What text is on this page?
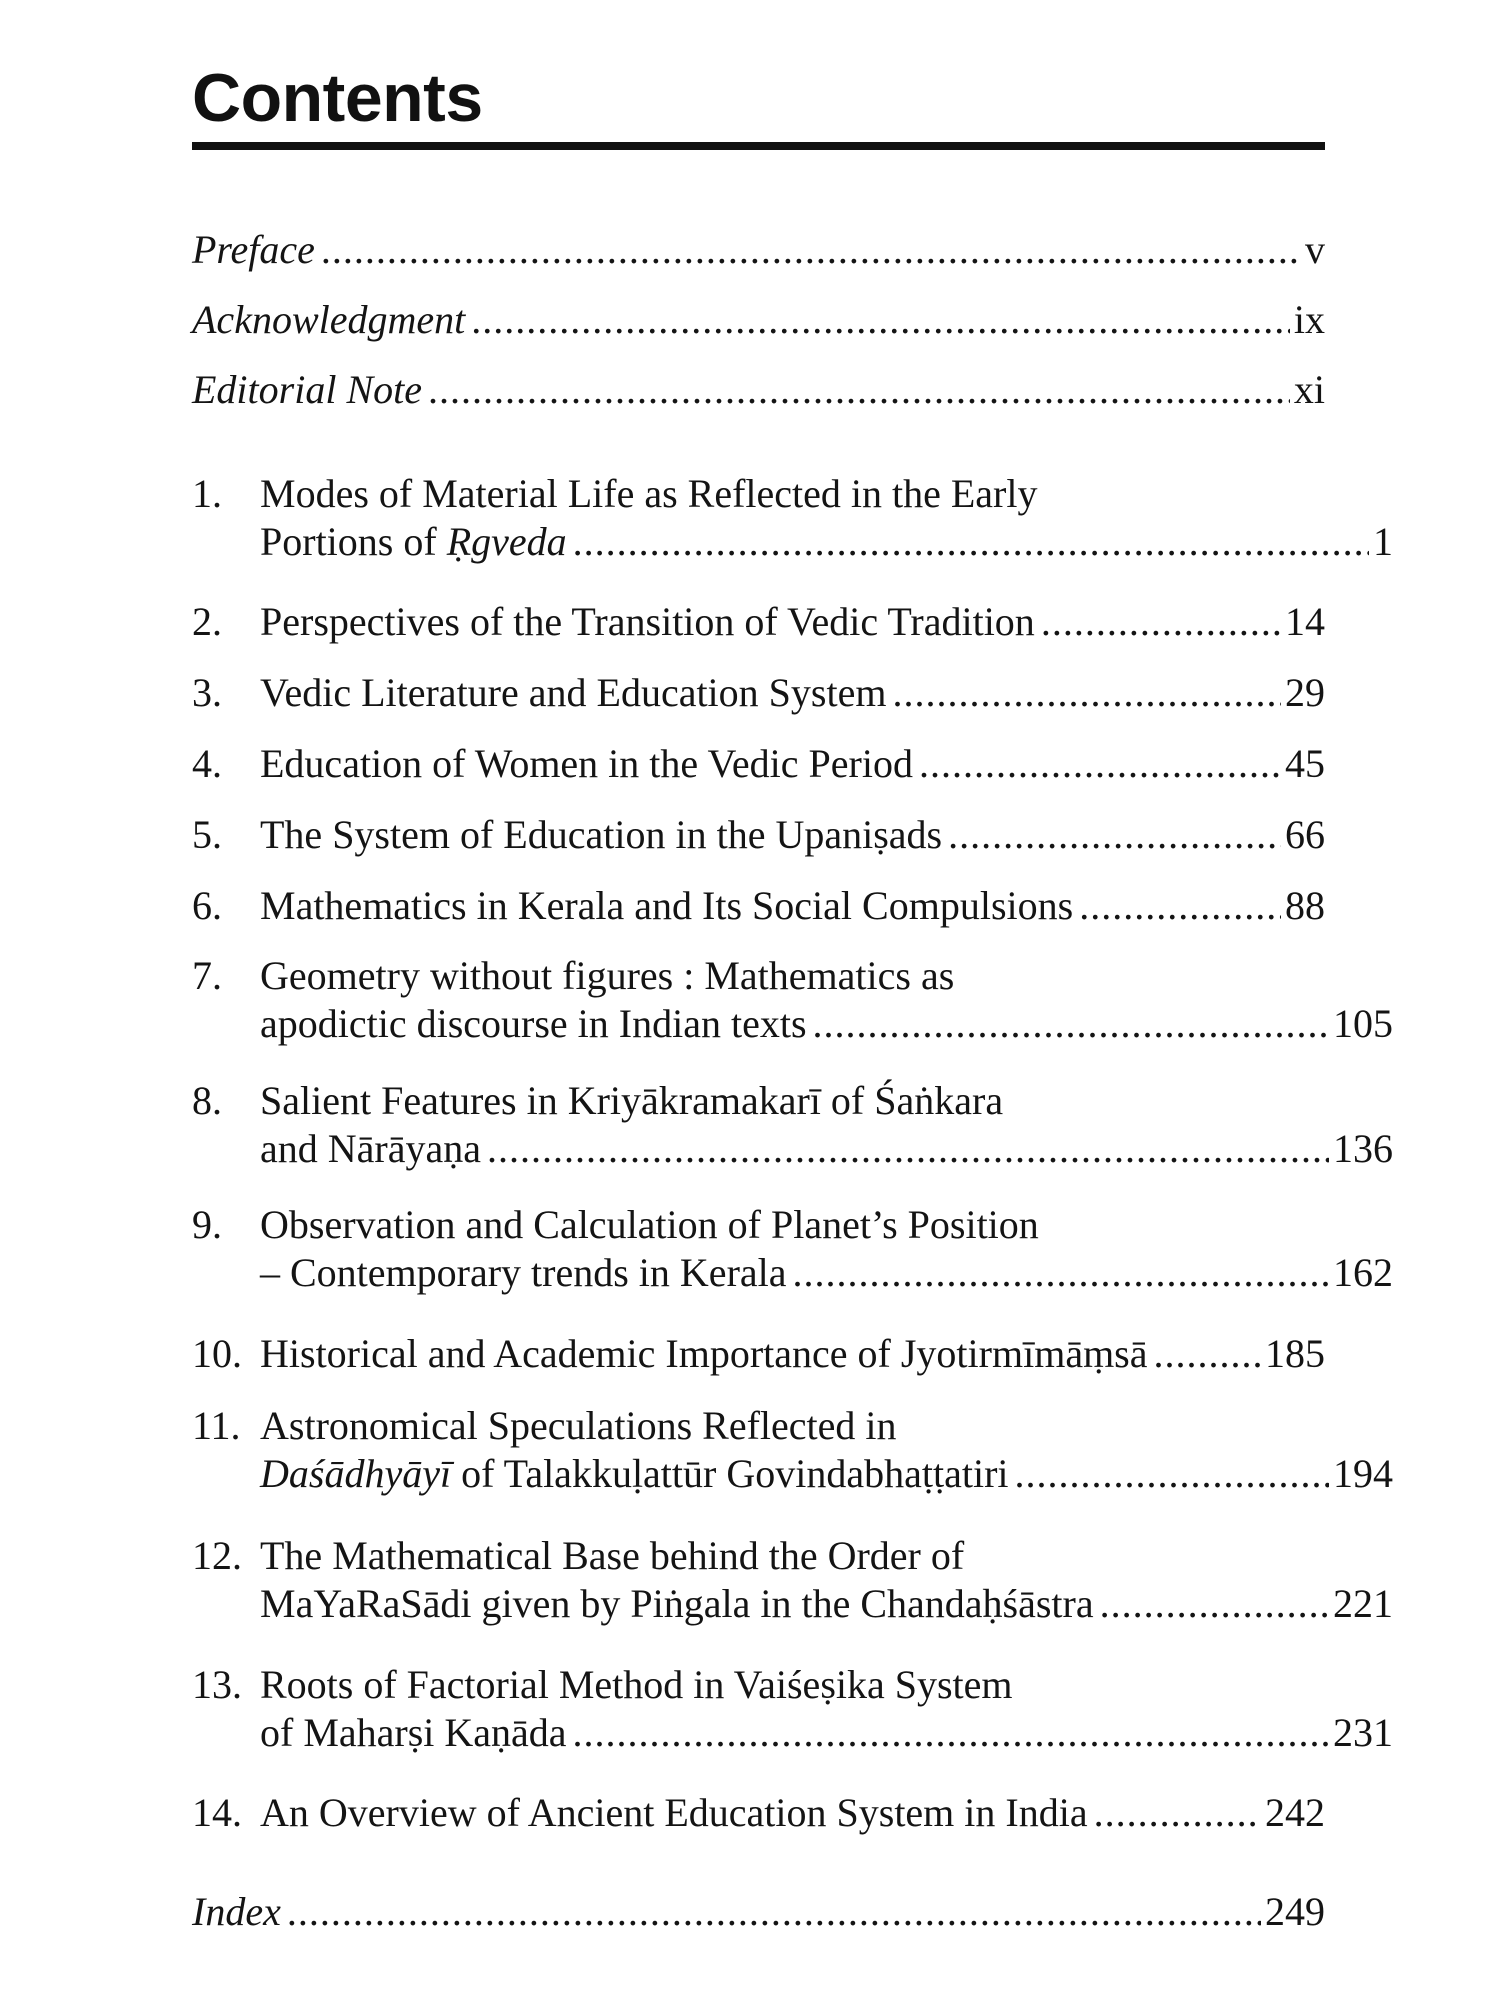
Contents
Preface .....	v
Acknowledgment .....	ix
Editorial Note .....	xi
1. Modes of Material Life as Reflected in the Early
Portions of Ṛgveda .....	1
2. Perspectives of the Transition of Vedic Tradition .....	14
3. Vedic Literature and Education System .....	29
4. Education of Women in the Vedic Period .....	45
5. The System of Education in the Upaniṣads .....	66
6. Mathematics in Kerala and Its Social Compulsions .....	88
7. Geometry without figures : Mathematics as
apodictic discourse in Indian texts .....	105
8. Salient Features in Kriyākramakarī of Śaṅkara
and Nārāyaṇa .....	136
9. Observation and Calculation of Planet’s Position
– Contemporary trends in Kerala .....	162
10. Historical and Academic Importance of Jyotirmīmāṃsā .....	185
11. Astronomical Speculations Reflected in
Daśādhyāyī of Talakkuḷattūr Govindabhaṭṭatiri .....	194
12. The Mathematical Base behind the Order of
MaYaRaSādi given by Piṅgala in the Chandaḥśāstra .....	221
13. Roots of Factorial Method in Vaiśeṣika System
of Maharṣi Kaṇāda .....	231
14. An Overview of Ancient Education System in India .....	242
Index .....	249
